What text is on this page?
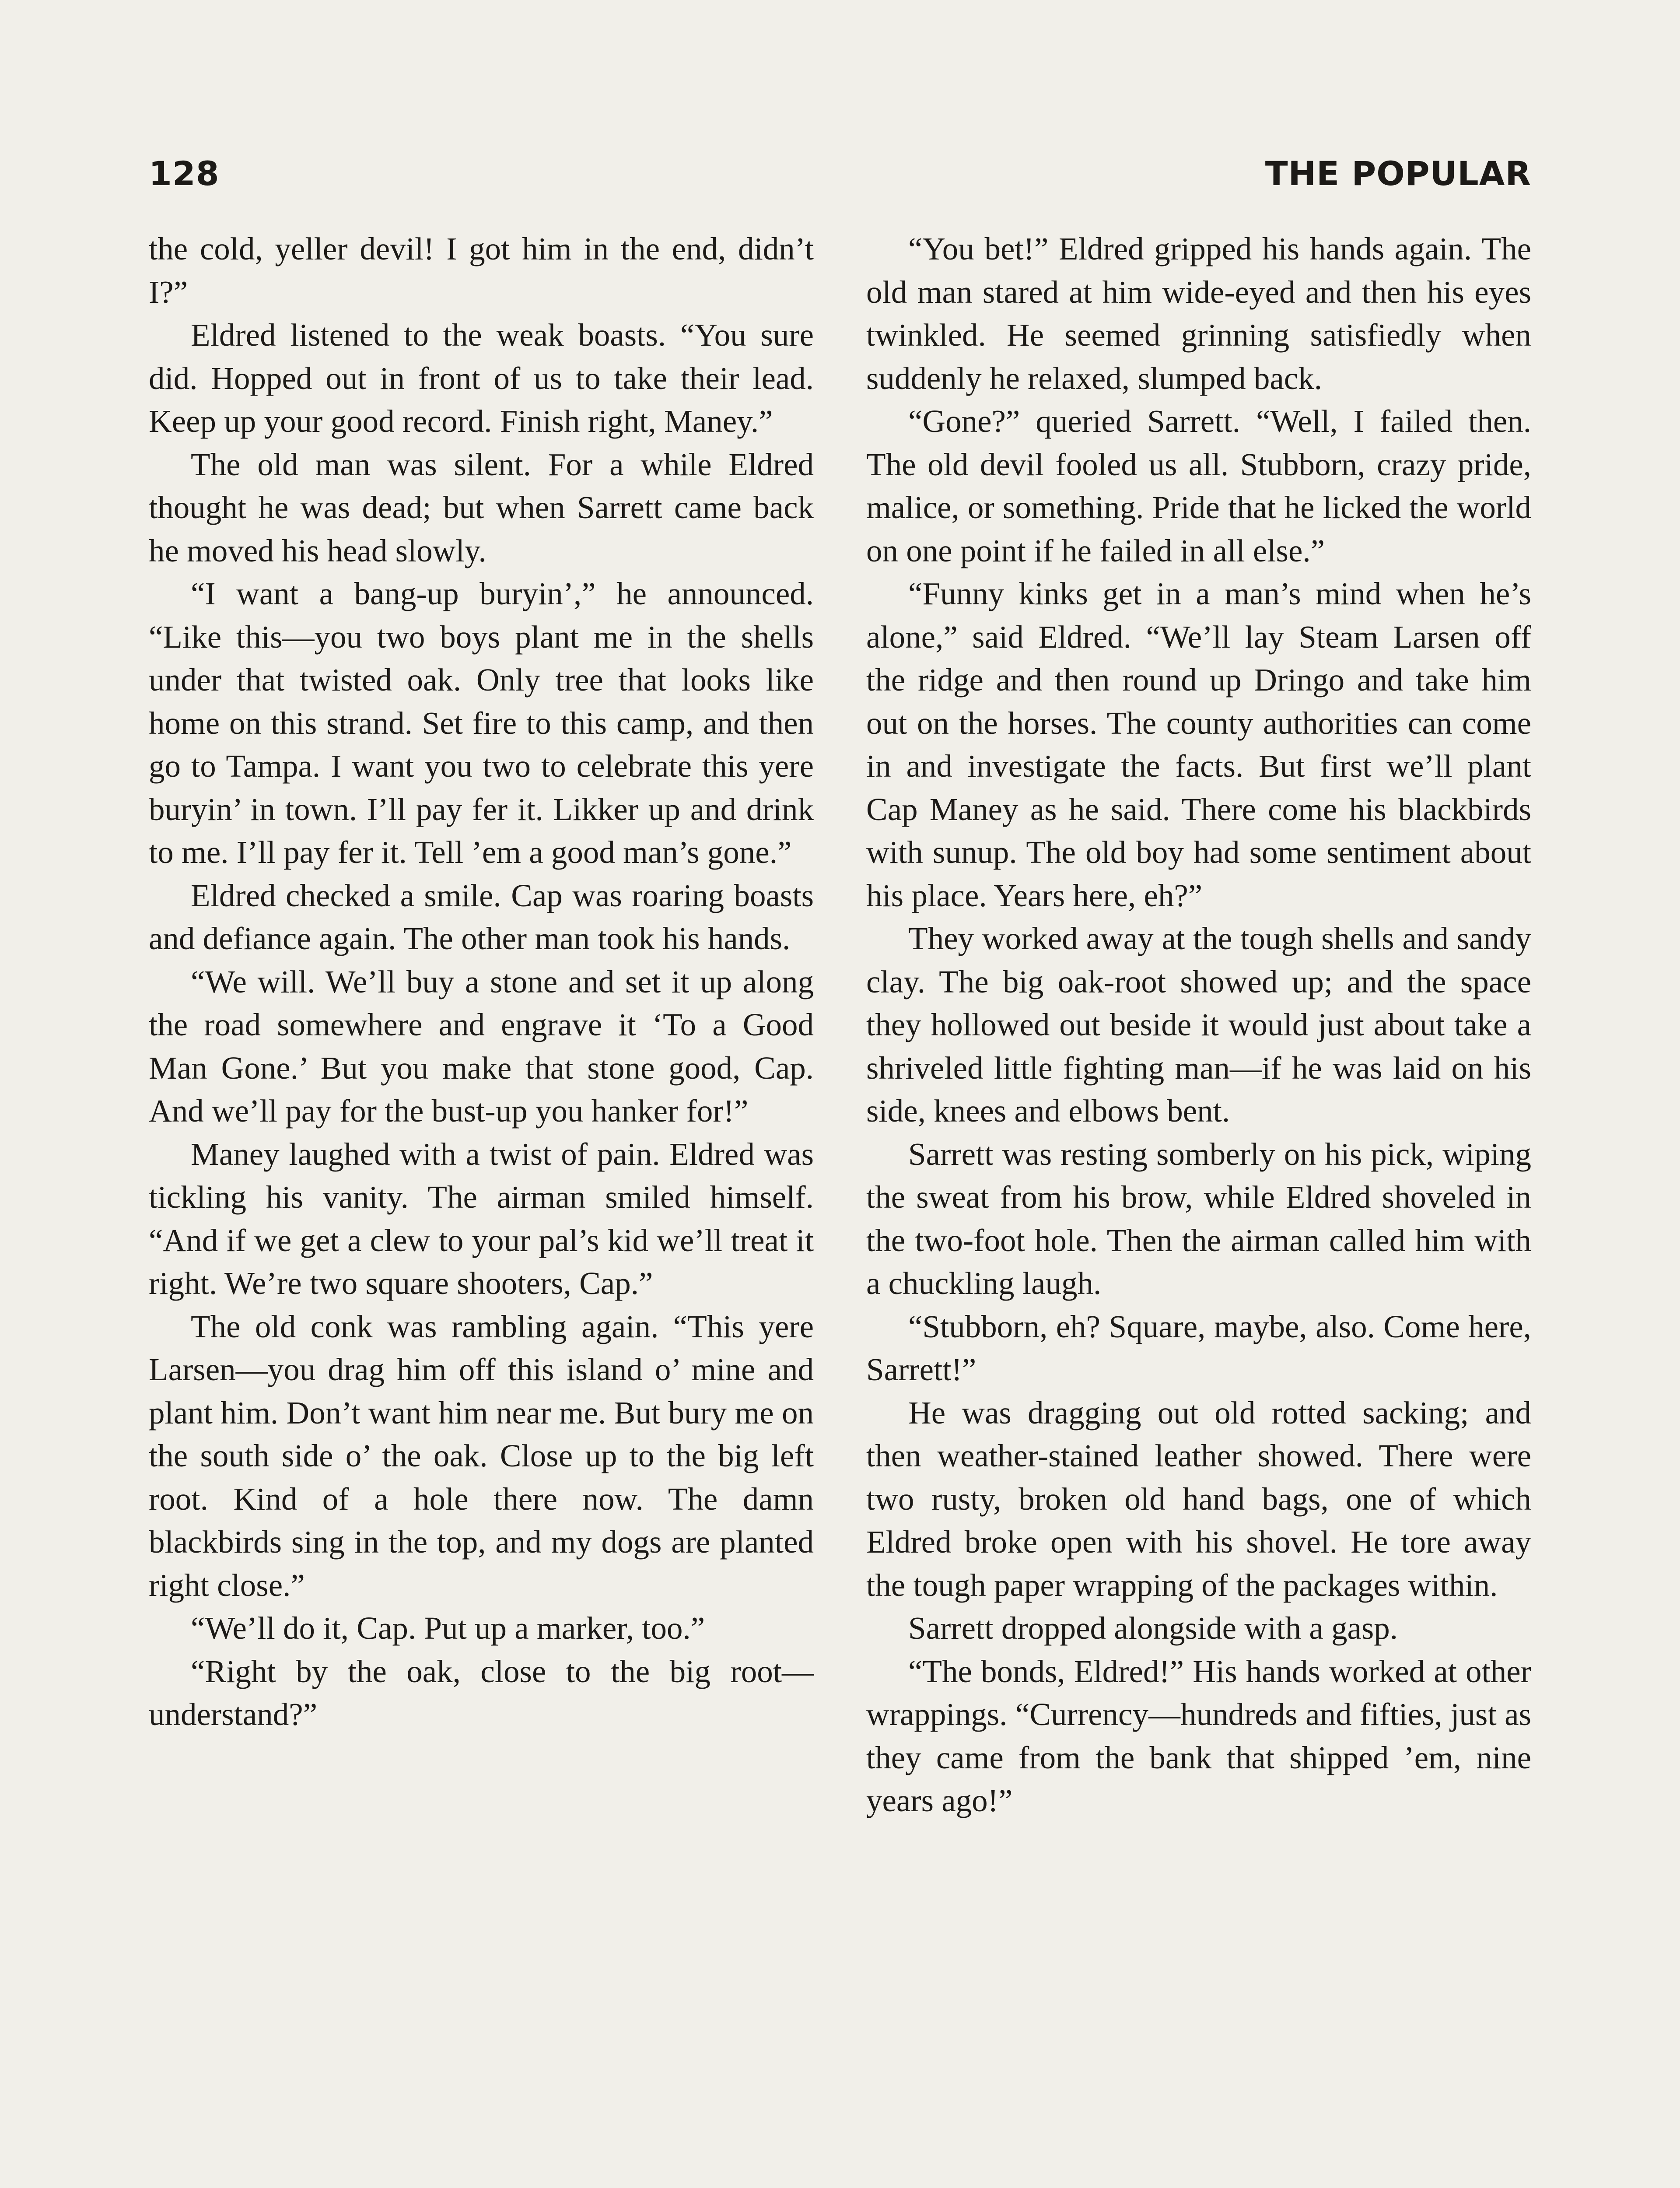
128	THE POPULAR

the cold, yeller devil! I got him in the end, didn’t I?”

Eldred listened to the weak boasts. “You sure did. Hopped out in front of us to take their lead. Keep up your good record. Finish right, Maney.”

The old man was silent. For a while Eldred thought he was dead; but when Sarrett came back he moved his head slowly.

“I want a bang-up buryin’,” he announced. “Like this—you two boys plant me in the shells under that twisted oak. Only tree that looks like home on this strand. Set fire to this camp, and then go to Tampa. I want you two to celebrate this yere buryin’ in town. I’ll pay fer it. Likker up and drink to me. I’ll pay fer it. Tell ’em a good man’s gone.”

Eldred checked a smile. Cap was roaring boasts and defiance again. The other man took his hands.

“We will. We’ll buy a stone and set it up along the road somewhere and engrave it ‘To a Good Man Gone.’ But you make that stone good, Cap. And we’ll pay for the bust-up you hanker for!”

Maney laughed with a twist of pain. Eldred was tickling his vanity. The airman smiled himself. “And if we get a clew to your pal’s kid we’ll treat it right. We’re two square shooters, Cap.”

The old conk was rambling again. “This yere Larsen—you drag him off this island o’ mine and plant him. Don’t want him near me. But bury me on the south side o’ the oak. Close up to the big left root. Kind of a hole there now. The damn blackbirds sing in the top, and my dogs are planted right close.”

“We’ll do it, Cap. Put up a marker, too.”

“Right by the oak, close to the big root—understand?”

“You bet!” Eldred gripped his hands again. The old man stared at him wide-eyed and then his eyes twinkled. He seemed grinning satisfiedly when suddenly he relaxed, slumped back.

“Gone?” queried Sarrett. “Well, I failed then. The old devil fooled us all. Stubborn, crazy pride, malice, or something. Pride that he licked the world on one point if he failed in all else.”

“Funny kinks get in a man’s mind when he’s alone,” said Eldred. “We’ll lay Steam Larsen off the ridge and then round up Dringo and take him out on the horses. The county authorities can come in and investigate the facts. But first we’ll plant Cap Maney as he said. There come his blackbirds with sunup. The old boy had some sentiment about his place. Years here, eh?”

They worked away at the tough shells and sandy clay. The big oak-root showed up; and the space they hollowed out beside it would just about take a shriveled little fighting man—if he was laid on his side, knees and elbows bent.

Sarrett was resting somberly on his pick, wiping the sweat from his brow, while Eldred shoveled in the two-foot hole. Then the airman called him with a chuckling laugh.

“Stubborn, eh? Square, maybe, also. Come here, Sarrett!”

He was dragging out old rotted sacking; and then weather-stained leather showed. There were two rusty, broken old hand bags, one of which Eldred broke open with his shovel. He tore away the tough paper wrapping of the packages within.

Sarrett dropped alongside with a gasp.

“The bonds, Eldred!” His hands worked at other wrappings. “Currency—hundreds and fifties, just as they came from the bank that shipped ’em, nine years ago!”
